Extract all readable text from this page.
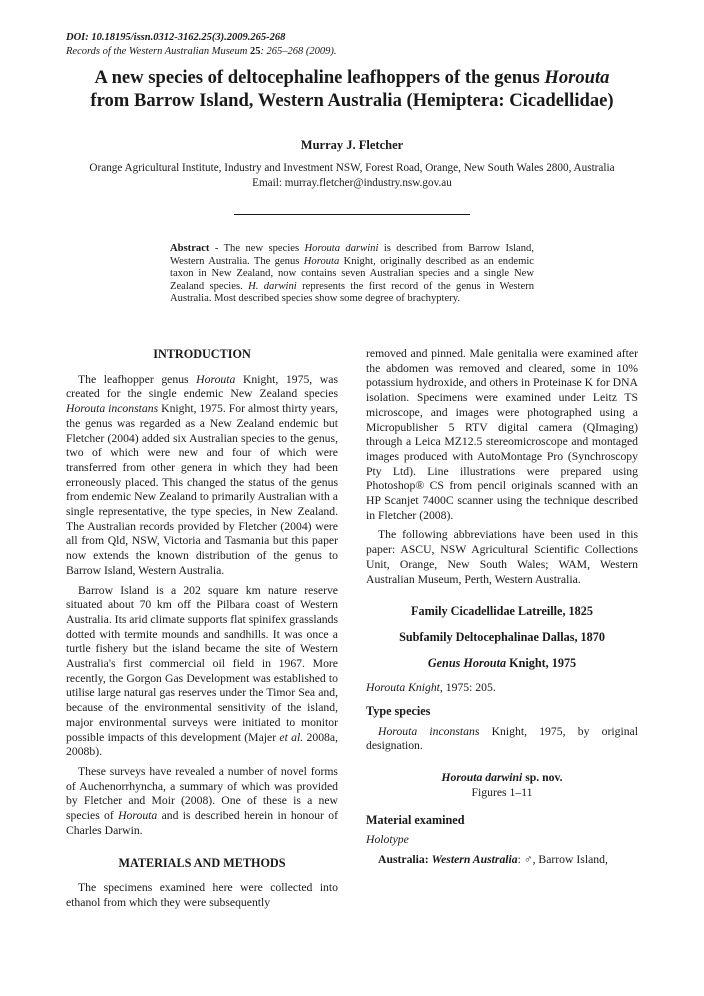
DOI: 10.18195/issn.0312-3162.25(3).2009.265-268
Records of the Western Australian Museum 25: 265–268 (2009).
A new species of deltocephaline leafhoppers of the genus Horouta
from Barrow Island, Western Australia (Hemiptera: Cicadellidae)
Murray J. Fletcher
Orange Agricultural Institute, Industry and Investment NSW, Forest Road, Orange, New South Wales 2800, Australia
Email: murray.fletcher@industry.nsw.gov.au
Abstract - The new species Horouta darwini is described from Barrow Island, Western Australia. The genus Horouta Knight, originally described as an endemic taxon in New Zealand, now contains seven Australian species and a single New Zealand species. H. darwini represents the first record of the genus in Western Australia. Most described species show some degree of brachyptery.
INTRODUCTION

The leafhopper genus Horouta Knight, 1975, was created for the single endemic New Zealand species Horouta inconstans Knight, 1975. For almost thirty years, the genus was regarded as a New Zealand endemic but Fletcher (2004) added six Australian species to the genus, two of which were new and four of which were transferred from other genera in which they had been erroneously placed. This changed the status of the genus from endemic New Zealand to primarily Australian with a single representative, the type species, in New Zealand. The Australian records provided by Fletcher (2004) were all from Qld, NSW, Victoria and Tasmania but this paper now extends the known distribution of the genus to Barrow Island, Western Australia.

Barrow Island is a 202 square km nature reserve situated about 70 km off the Pilbara coast of Western Australia. Its arid climate supports flat spinifex grasslands dotted with termite mounds and sandhills. It was once a turtle fishery but the island became the site of Western Australia's first commercial oil field in 1967. More recently, the Gorgon Gas Development was established to utilise large natural gas reserves under the Timor Sea and, because of the environmental sensitivity of the island, major environmental surveys were initiated to monitor possible impacts of this development (Majer et al. 2008a, 2008b).

These surveys have revealed a number of novel forms of Auchenorrhyncha, a summary of which was provided by Fletcher and Moir (2008). One of these is a new species of Horouta and is described herein in honour of Charles Darwin.

MATERIALS AND METHODS

The specimens examined here were collected into ethanol from which they were subsequently

removed and pinned. Male genitalia were examined after the abdomen was removed and cleared, some in 10% potassium hydroxide, and others in Proteinase K for DNA isolation. Specimens were examined under Leitz TS microscope, and images were photographed using a Micropublisher 5 RTV digital camera (QImaging) through a Leica MZ12.5 stereomicroscope and montaged images produced with AutoMontage Pro (Synchroscopy Pty Ltd). Line illustrations were prepared using Photoshop® CS from pencil originals scanned with an HP Scanjet 7400C scanner using the technique described in Fletcher (2008).

The following abbreviations have been used in this paper: ASCU, NSW Agricultural Scientific Collections Unit, Orange, New South Wales; WAM, Western Australian Museum, Perth, Western Australia.

Family Cicadellidae Latreille, 1825
Subfamily Deltocephalinae Dallas, 1870
Genus Horouta Knight, 1975

Horouta Knight, 1975: 205.

Type species

Horouta inconstans Knight, 1975, by original designation.

Horouta darwini sp. nov.
Figures 1–11
Material examined

Holotype

Australia: Western Australia: ♂, Barrow Island,
